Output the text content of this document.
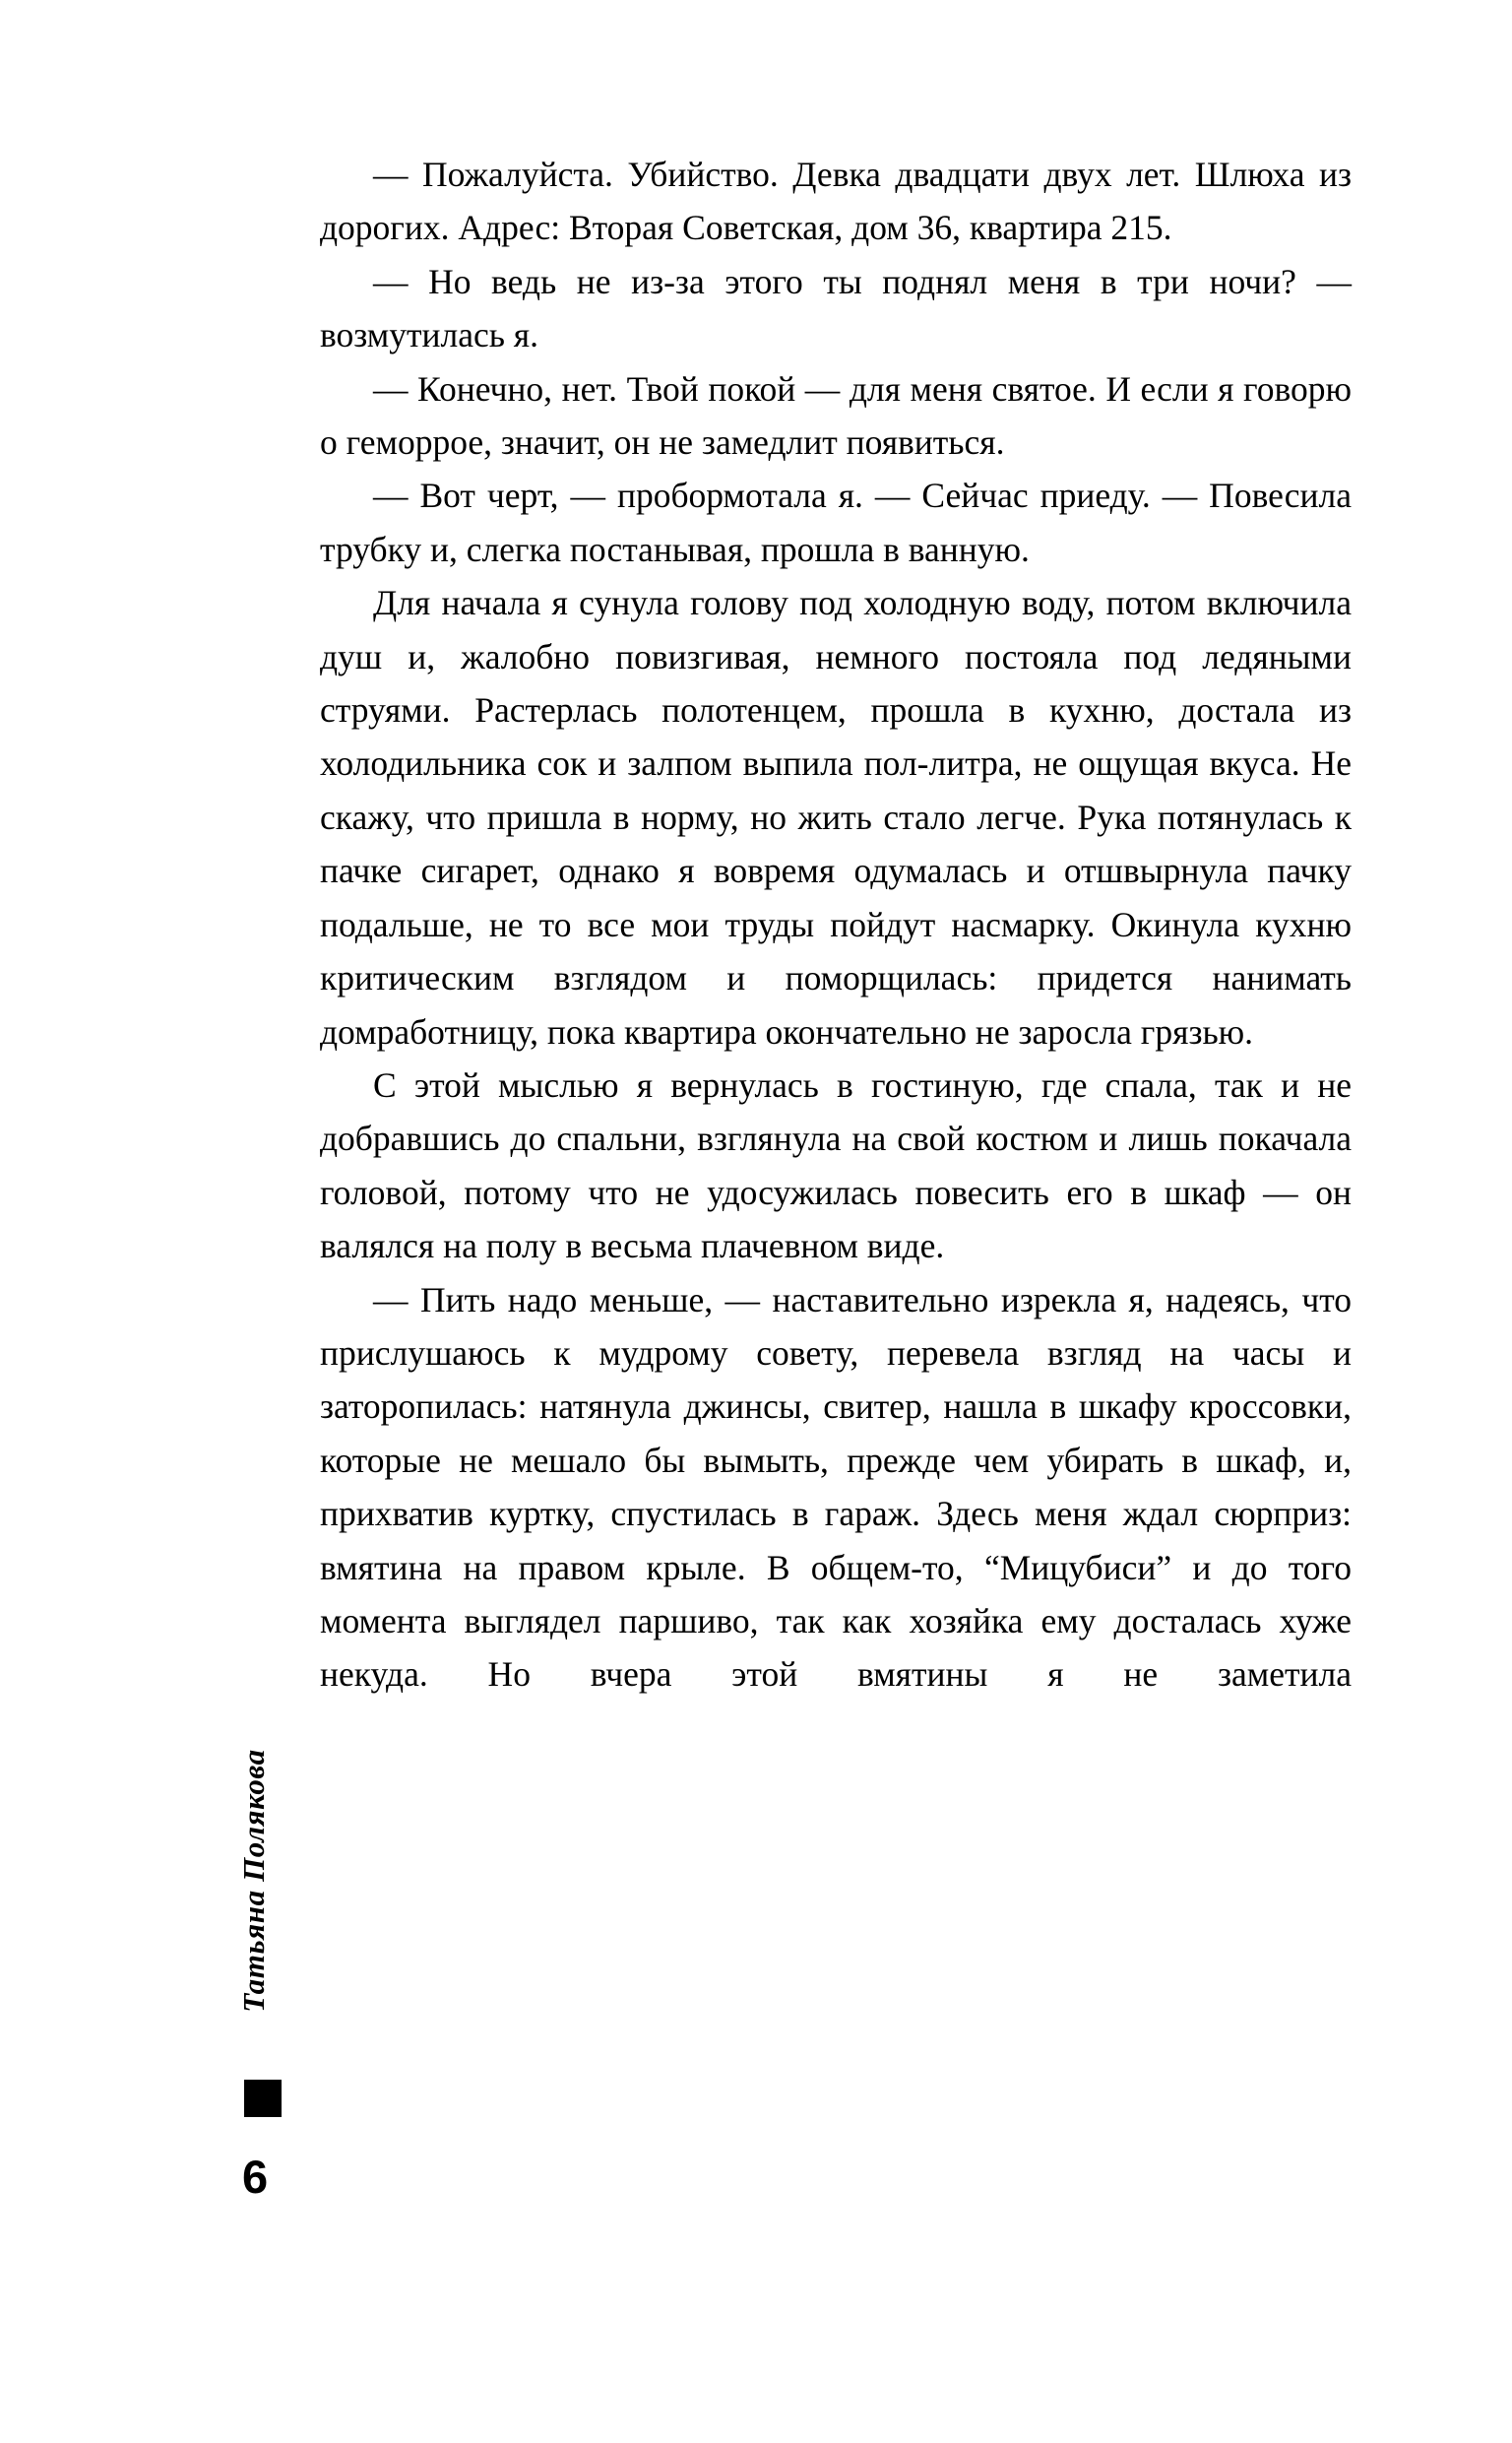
— Пожалуйста. Убийство. Девка двадцати двух лет. Шлюха из дорогих. Адрес: Вторая Советская, дом 36, квартира 215.

— Но ведь не из-за этого ты поднял меня в три ночи? — возмутилась я.

— Конечно, нет. Твой покой — для меня святое. И если я говорю о геморрое, значит, он не замедлит появиться.

— Вот черт, — пробормотала я. — Сейчас приеду. — Повесила трубку и, слегка постанывая, прошла в ванную.

Для начала я сунула голову под холодную воду, потом включила душ и, жалобно повизгивая, немного постояла под ледяными струями. Растерлась полотенцем, прошла в кухню, достала из холодильника сок и залпом выпила пол-литра, не ощущая вкуса. Не скажу, что пришла в норму, но жить стало легче. Рука потянулась к пачке сигарет, однако я вовремя одумалась и отшвырнула пачку подальше, не то все мои труды пойдут насмарку. Окинула кухню критическим взглядом и поморщилась: придется нанимать домработницу, пока квартира окончательно не заросла грязью.

С этой мыслью я вернулась в гостиную, где спала, так и не добравшись до спальни, взглянула на свой костюм и лишь покачала головой, потому что не удосужилась повесить его в шкаф — он валялся на полу в весьма плачевном виде.

— Пить надо меньше, — наставительно изрекла я, надеясь, что прислушаюсь к мудрому совету, перевела взгляд на часы и заторопилась: натянула джинсы, свитер, нашла в шкафу кроссовки, которые не мешало бы вымыть, прежде чем убирать в шкаф, и, прихватив куртку, спустилась в гараж. Здесь меня ждал сюрприз: вмятина на правом крыле. В общем-то, “Мицубиси” и до того момента выглядел паршиво, так как хозяйка ему досталась хуже некуда. Но вчера этой вмятины я не заметила

Татьяна Полякова
6
